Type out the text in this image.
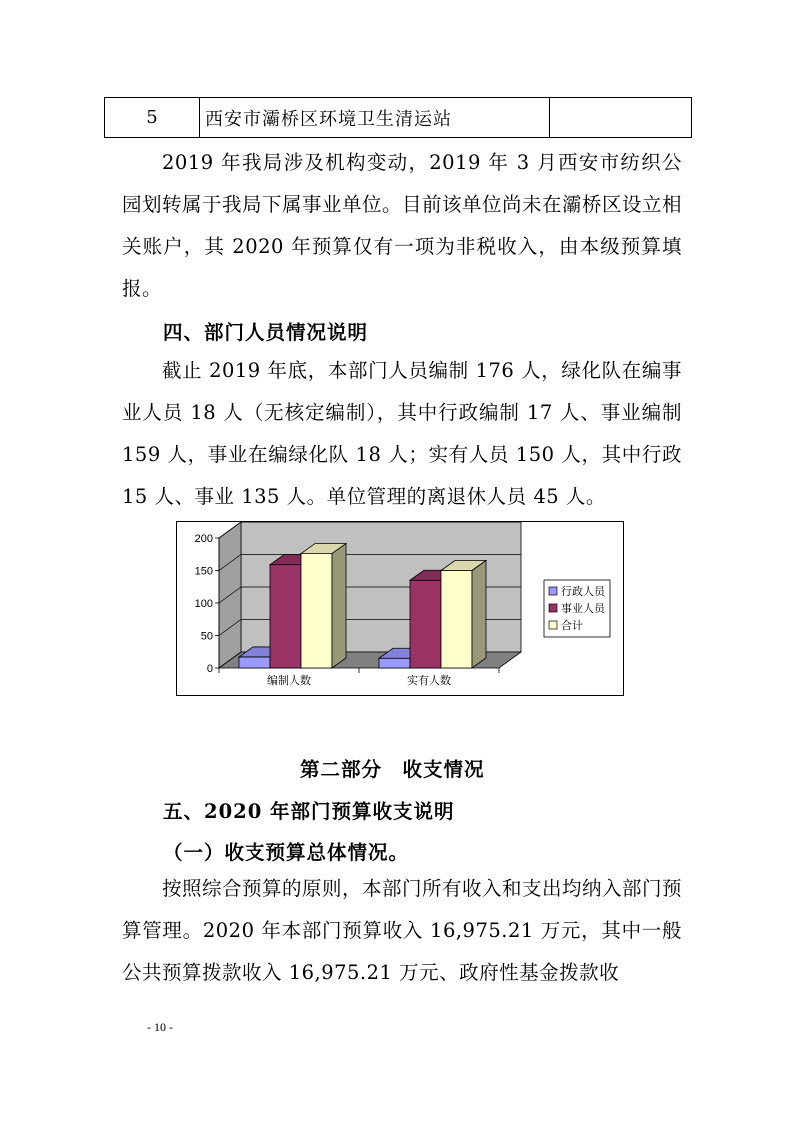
5	西安市灞桥区环境卫生清运站	

2019 年我局涉及机构变动，2019 年 3 月西安市纺织公园划转属于我局下属事业单位。目前该单位尚未在灞桥区设立相关账户，其 2020 年预算仅有一项为非税收入，由本级预算填报。

四、部门人员情况说明

截止 2019 年底，本部门人员编制 176 人，绿化队在编事业人员 18 人（无核定编制），其中行政编制 17 人、事业编制 159 人，事业在编绿化队 18 人；实有人员 150 人，其中行政 15 人、事业 135 人。单位管理的离退休人员 45 人。

0
50
100
150
200
编制人数	实有人数
行政人员
事业人员
合计

第二部分　收支情况

五、2020 年部门预算收支说明

（一）收支预算总体情况。

按照综合预算的原则，本部门所有收入和支出均纳入部门预算管理。2020 年本部门预算收入 16,975.21 万元，其中一般公共预算拨款收入 16,975.21 万元、政府性基金拨款收

- 10 -
